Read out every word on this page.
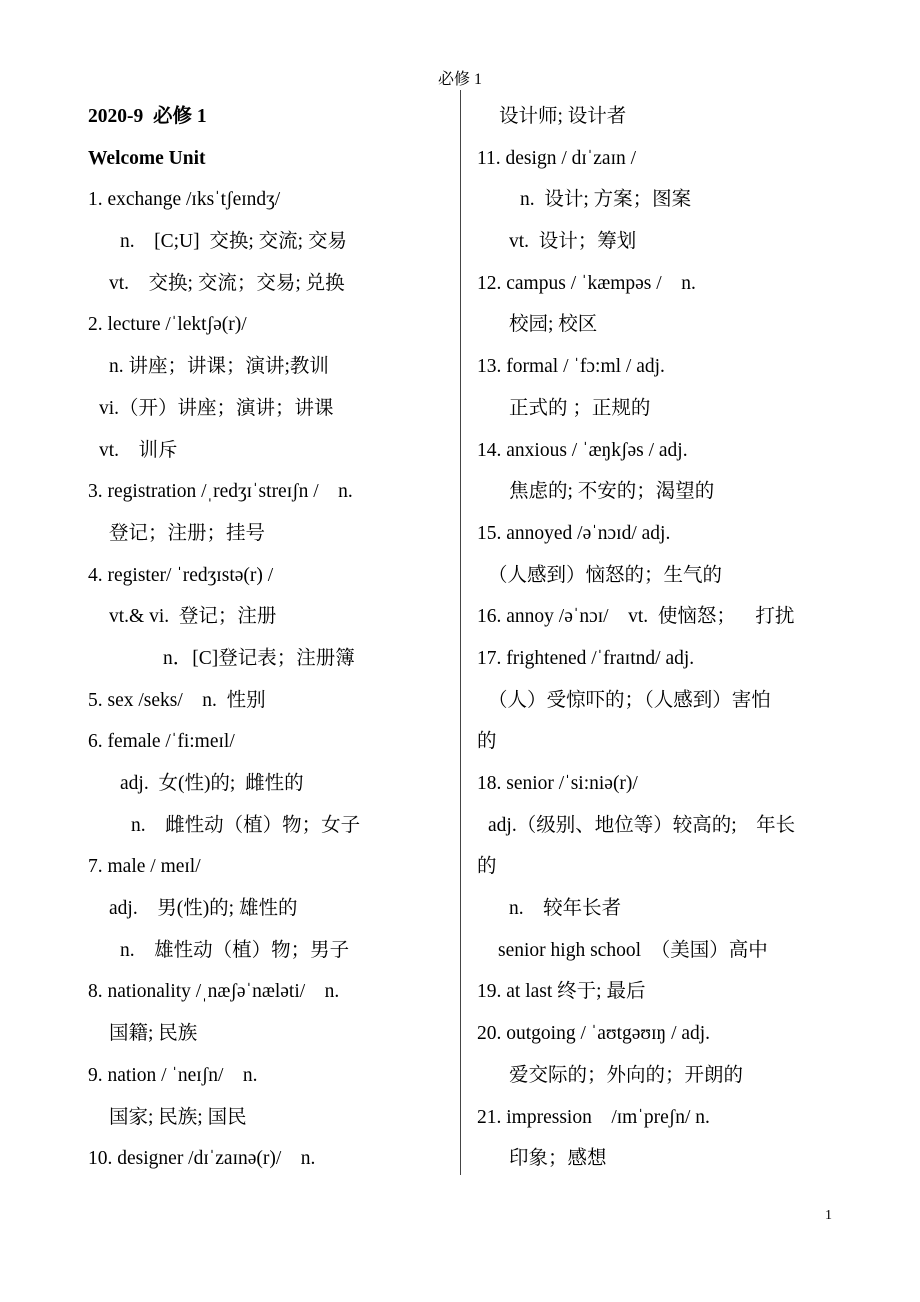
必修 1
2020-9  必修 1
Welcome Unit
1. exchange /ɪksˈtʃeɪndʒ/
n.    [C;U]  交换; 交流; 交易
vt.    交换; 交流；交易; 兑换
2. lecture /ˈlektʃə(r)/
n. 讲座；讲课；演讲;教训
vi.（开）讲座；演讲；讲课
vt.    训斥
3. registration /ˌredʒɪˈstreɪʃn /    n.
登记；注册；挂号
4. register/ ˈredʒɪstə(r) /
vt.& vi.  登记；注册
n．[C]登记表；注册簿
5. sex /seks/    n.  性别
6. female /ˈfi:meɪl/
adj.  女(性)的;  雌性的
n.    雌性动（植）物；女子
7. male / meɪl/
adj.    男(性)的; 雄性的
n.    雄性动（植）物；男子
8. nationality /ˌnæʃəˈnæləti/    n.
国籍; 民族
9. nation / ˈneɪʃn/    n.
国家; 民族; 国民
10. designer /dɪˈzaɪnə(r)/    n.
设计师; 设计者
11. design / dɪˈzaɪn /
n.  设计; 方案；图案
vt.  设计；筹划
12. campus / ˈkæmpəs /    n.
校园; 校区
13. formal / ˈfɔ:ml / adj.
正式的 ；正规的
14. anxious / ˈæŋkʃəs / adj.
焦虑的; 不安的；渴望的
15. annoyed /əˈnɔɪd/ adj.
（人感到）恼怒的；生气的
16. annoy /əˈnɔɪ/    vt.  使恼怒；    打扰
17. frightened /ˈfraɪtnd/ adj.
（人）受惊吓的；（人感到）害怕
的
18. senior /ˈsi:niə(r)/
adj.（级别、地位等）较高的;    年长
的
n.    较年长者
senior high school  （美国）高中
19. at last 终于; 最后
20. outgoing / ˈaʊtgəʊɪŋ / adj.
爱交际的；外向的；开朗的
21. impression    /ɪmˈpreʃn/ n.
印象；感想
1
